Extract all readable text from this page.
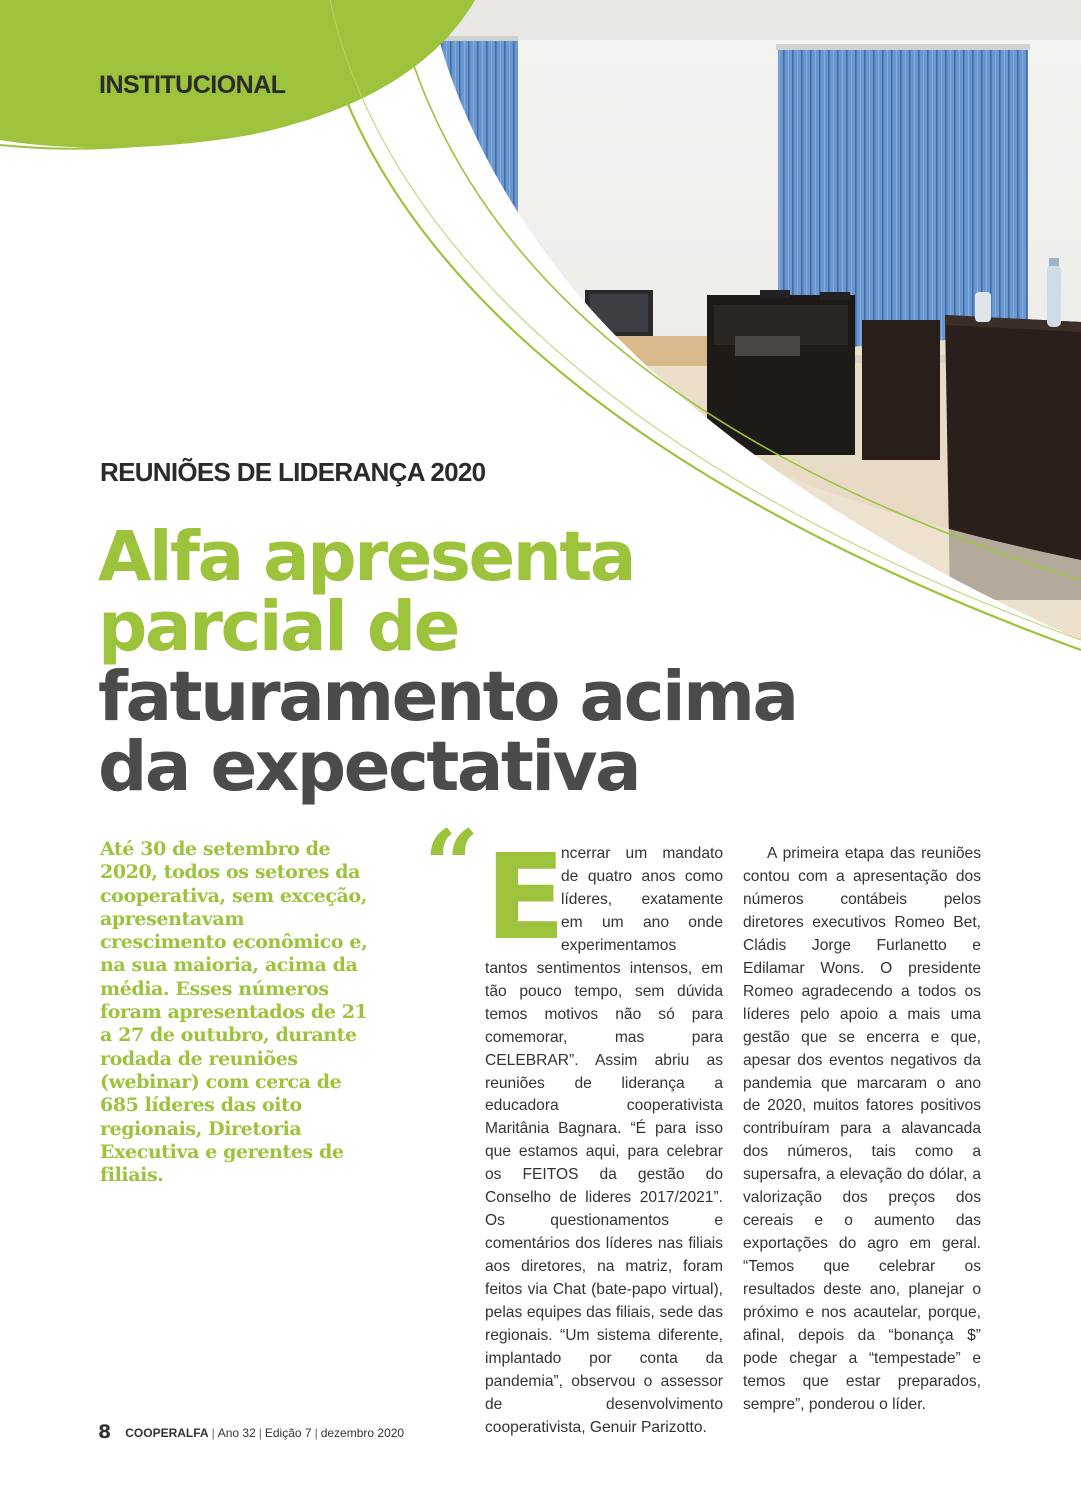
INSTITUCIONAL
REUNIÕES DE LIDERANÇA 2020
Alfa apresenta
parcial de
faturamento acima
da expectativa

Até 30 de setembro de 2020, todos os setores da cooperativa, sem exceção, apresentavam crescimento econômico e, na sua maioria, acima da média. Esses números foram apresentados de 21 a 27 de outubro, durante rodada de reuniões (webinar) com cerca de 685 líderes das oito regionais, Diretoria Executiva e gerentes de filiais.

“ E

ncerrar um mandato de quatro anos como líderes, exatamente em um ano onde experimentamos tantos sentimentos intensos, em tão pouco tempo, sem dúvida temos motivos não só para comemorar, mas para CELEBRAR”. Assim abriu as reuniões de liderança a educadora cooperativista Maritânia Bagnara. “É para isso que estamos aqui, para celebrar os FEITOS da gestão do Conselho de lideres 2017/2021”. Os questionamentos e comentários dos líderes nas filiais aos diretores, na matriz, foram feitos via Chat (bate-papo virtual), pelas equipes das filiais, sede das regionais. “Um sistema diferente, implantado por conta da pandemia”, observou o assessor de desenvolvimento cooperativista, Genuir Parizotto.

A primeira etapa das reuniões contou com a apresentação dos números contábeis pelos diretores executivos Romeo Bet, Cládis Jorge Furlanetto e Edilamar Wons. O presidente Romeo agradecendo a todos os líderes pelo apoio a mais uma gestão que se encerra e que, apesar dos eventos negativos da pandemia que marcaram o ano de 2020, muitos fatores positivos contribuíram para a alavancada dos números, tais como a supersafra, a elevação do dólar, a valorização dos preços dos cereais e o aumento das exportações do agro em geral. “Temos que celebrar os resultados deste ano, planejar o próximo e nos acautelar, porque, afinal, depois da “bonança $” pode chegar a “tempestade” e temos que estar preparados, sempre”, ponderou o líder.

8 COOPERALFA | Ano 32 | Edição 7 | dezembro 2020
